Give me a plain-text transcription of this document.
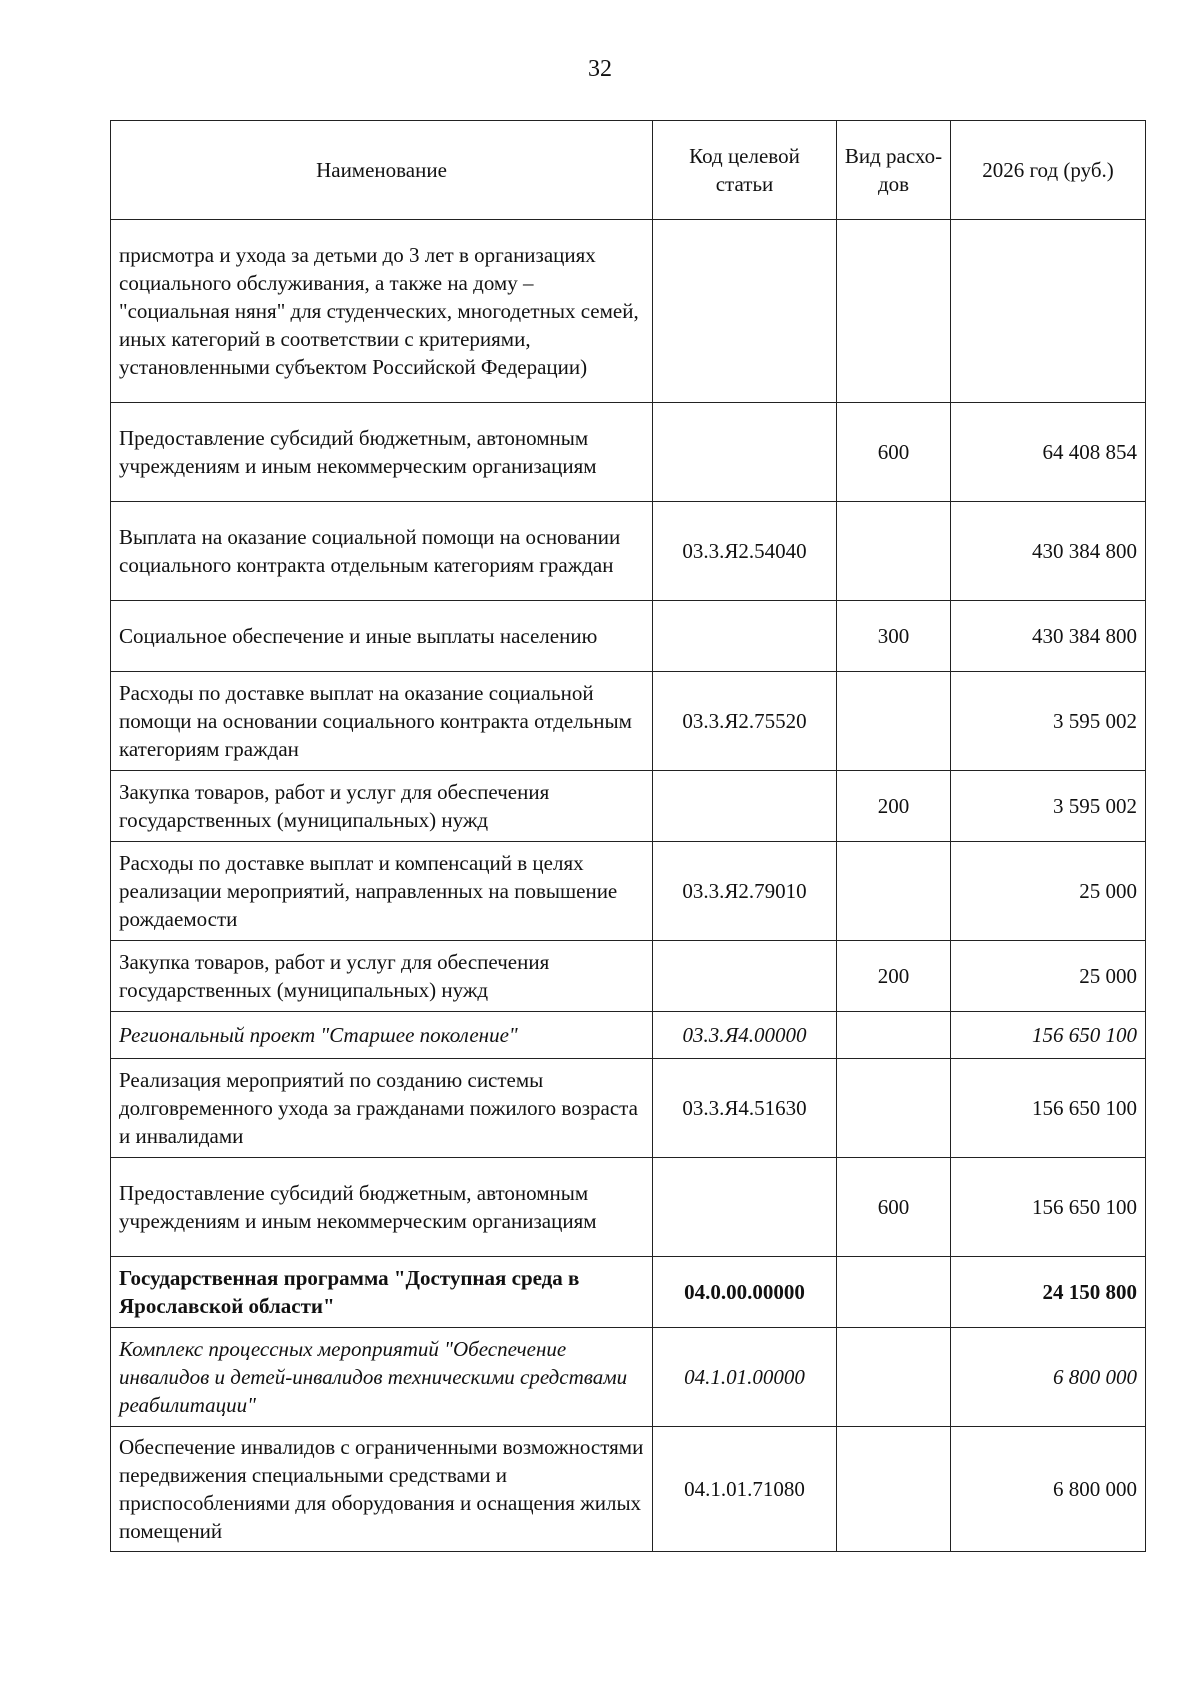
32
Наименование	Код целевой статьи	Вид расхо-дов	2026 год (руб.)
присмотра и ухода за детьми до 3 лет в организациях социального обслуживания, а также на дому – "социальная няня" для студенческих, многодетных семей, иных категорий в соответствии с критериями, установленными субъектом Российской Федерации)			
Предоставление субсидий бюджетным, автономным учреждениям и иным некоммерческим организациям		600	64 408 854
Выплата на оказание социальной помощи на основании социального контракта отдельным категориям граждан	03.3.Я2.54040		430 384 800
Социальное обеспечение и иные выплаты населению		300	430 384 800
Расходы по доставке выплат на оказание социальной помощи на основании социального контракта отдельным категориям граждан	03.3.Я2.75520		3 595 002
Закупка товаров, работ и услуг для обеспечения государственных (муниципальных) нужд		200	3 595 002
Расходы по доставке выплат и компенсаций в целях реализации мероприятий, направленных на повышение рождаемости	03.3.Я2.79010		25 000
Закупка товаров, работ и услуг для обеспечения государственных (муниципальных) нужд		200	25 000
Региональный проект "Старшее поколение"	03.3.Я4.00000		156 650 100
Реализация мероприятий по созданию системы долговременного ухода за гражданами пожилого возраста и инвалидами	03.3.Я4.51630		156 650 100
Предоставление субсидий бюджетным, автономным учреждениям и иным некоммерческим организациям		600	156 650 100
Государственная программа "Доступная среда в Ярославской области"	04.0.00.00000		24 150 800
Комплекс процессных мероприятий "Обеспечение инвалидов и детей-инвалидов техническими средствами реабилитации"	04.1.01.00000		6 800 000
Обеспечение инвалидов с ограниченными возможностями передвижения специальными средствами и приспособлениями для оборудования и оснащения жилых помещений	04.1.01.71080		6 800 000
